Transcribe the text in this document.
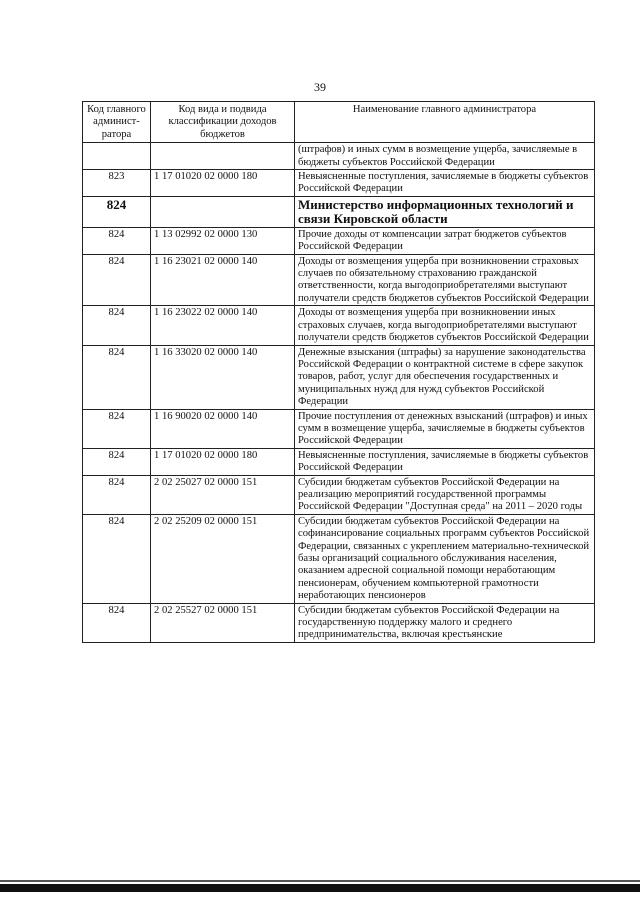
39
Код главного админист-ратора	Код вида и подвида классификации доходов бюджетов	Наименование главного администратора
		(штрафов) и иных сумм в возмещение ущерба, зачисляемые в бюджеты субъектов Российской Федерации
823	1 17 01020 02 0000 180	Невыясненные поступления, зачисляемые в бюджеты субъектов Российской Федерации
824		Министерство информационных технологий и связи Кировской области
824	1 13 02992 02 0000 130	Прочие доходы от компенсации затрат бюджетов субъектов Российской Федерации
824	1 16 23021 02 0000 140	Доходы от возмещения ущерба при возникновении страховых случаев по обязательному страхованию гражданской ответственности, когда выгодоприобретателями выступают получатели средств бюджетов субъектов Российской Федерации
824	1 16 23022 02 0000 140	Доходы от возмещения ущерба при возникновении иных страховых случаев, когда выгодоприобретателями выступают получатели средств бюджетов субъектов Российской Федерации
824	1 16 33020 02 0000 140	Денежные взыскания (штрафы) за нарушение законодательства Российской Федерации о контрактной системе в сфере закупок товаров, работ, услуг для обеспечения государственных и муниципальных нужд для нужд субъектов Российской Федерации
824	1 16 90020 02 0000 140	Прочие поступления от денежных взысканий (штрафов) и иных сумм в возмещение ущерба, зачисляемые в бюджеты субъектов Российской Федерации
824	1 17 01020 02 0000 180	Невыясненные поступления, зачисляемые в бюджеты субъектов Российской Федерации
824	2 02 25027 02 0000 151	Субсидии бюджетам субъектов Российской Федерации на реализацию мероприятий государственной программы Российской Федерации "Доступная среда" на 2011 – 2020 годы
824	2 02 25209 02 0000 151	Субсидии бюджетам субъектов Российской Федерации на софинансирование социальных программ субъектов Российской Федерации, связанных с укреплением материально-технической базы организаций социального обслуживания населения, оказанием адресной социальной помощи неработающим пенсионерам, обучением компьютерной грамотности неработающих пенсионеров
824	2 02 25527 02 0000 151	Субсидии бюджетам субъектов Российской Федерации на государственную поддержку малого и среднего предпринимательства, включая крестьянские
